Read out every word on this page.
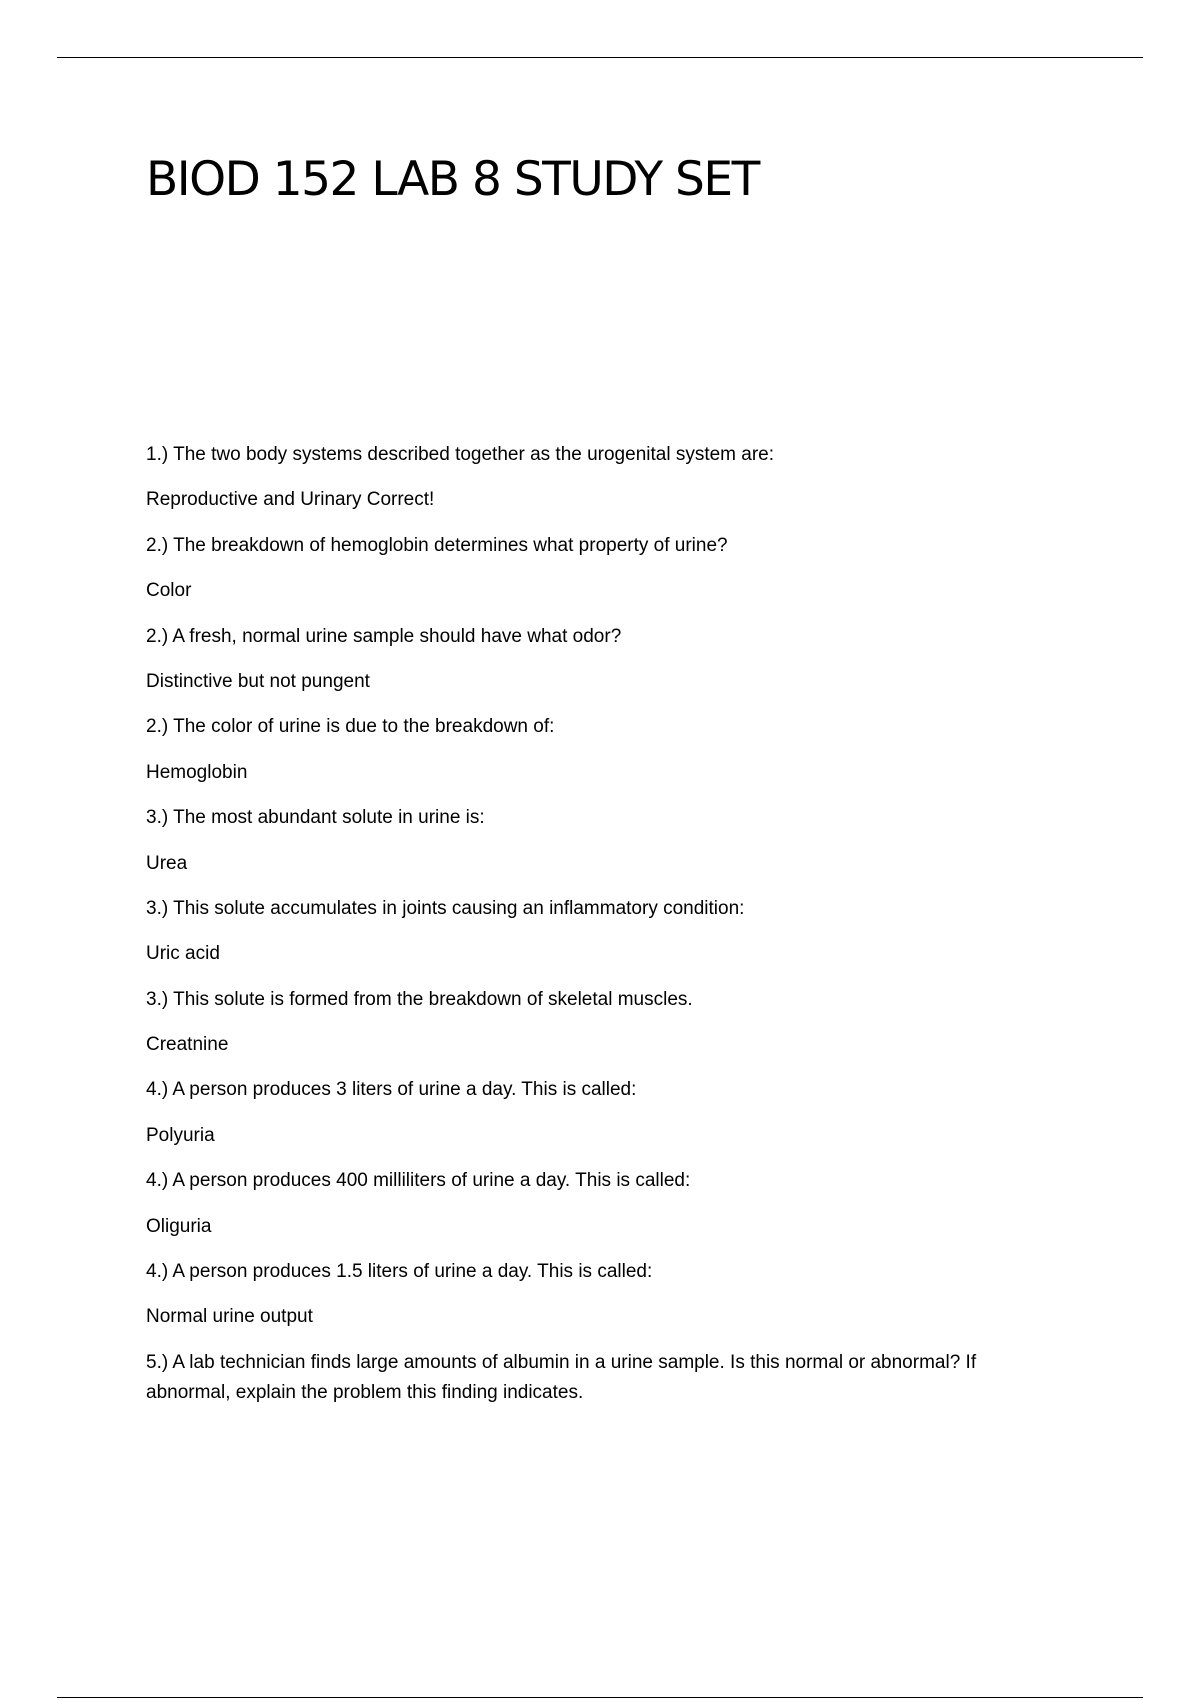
BIOD 152 LAB 8 STUDY SET

1.) The two body systems described together as the urogenital system are:

Reproductive and Urinary Correct!

2.) The breakdown of hemoglobin determines what property of urine?

Color

2.) A fresh, normal urine sample should have what odor?

Distinctive but not pungent

2.) The color of urine is due to the breakdown of:

Hemoglobin

3.) The most abundant solute in urine is:

Urea

3.) This solute accumulates in joints causing an inflammatory condition:

Uric acid

3.) This solute is formed from the breakdown of skeletal muscles.

Creatnine

4.) A person produces 3 liters of urine a day. This is called:

Polyuria

4.) A person produces 400 milliliters of urine a day. This is called:

Oliguria

4.) A person produces 1.5 liters of urine a day. This is called:

Normal urine output

5.) A lab technician finds large amounts of albumin in a urine sample. Is this normal or abnormal? If abnormal, explain the problem this finding indicates.
